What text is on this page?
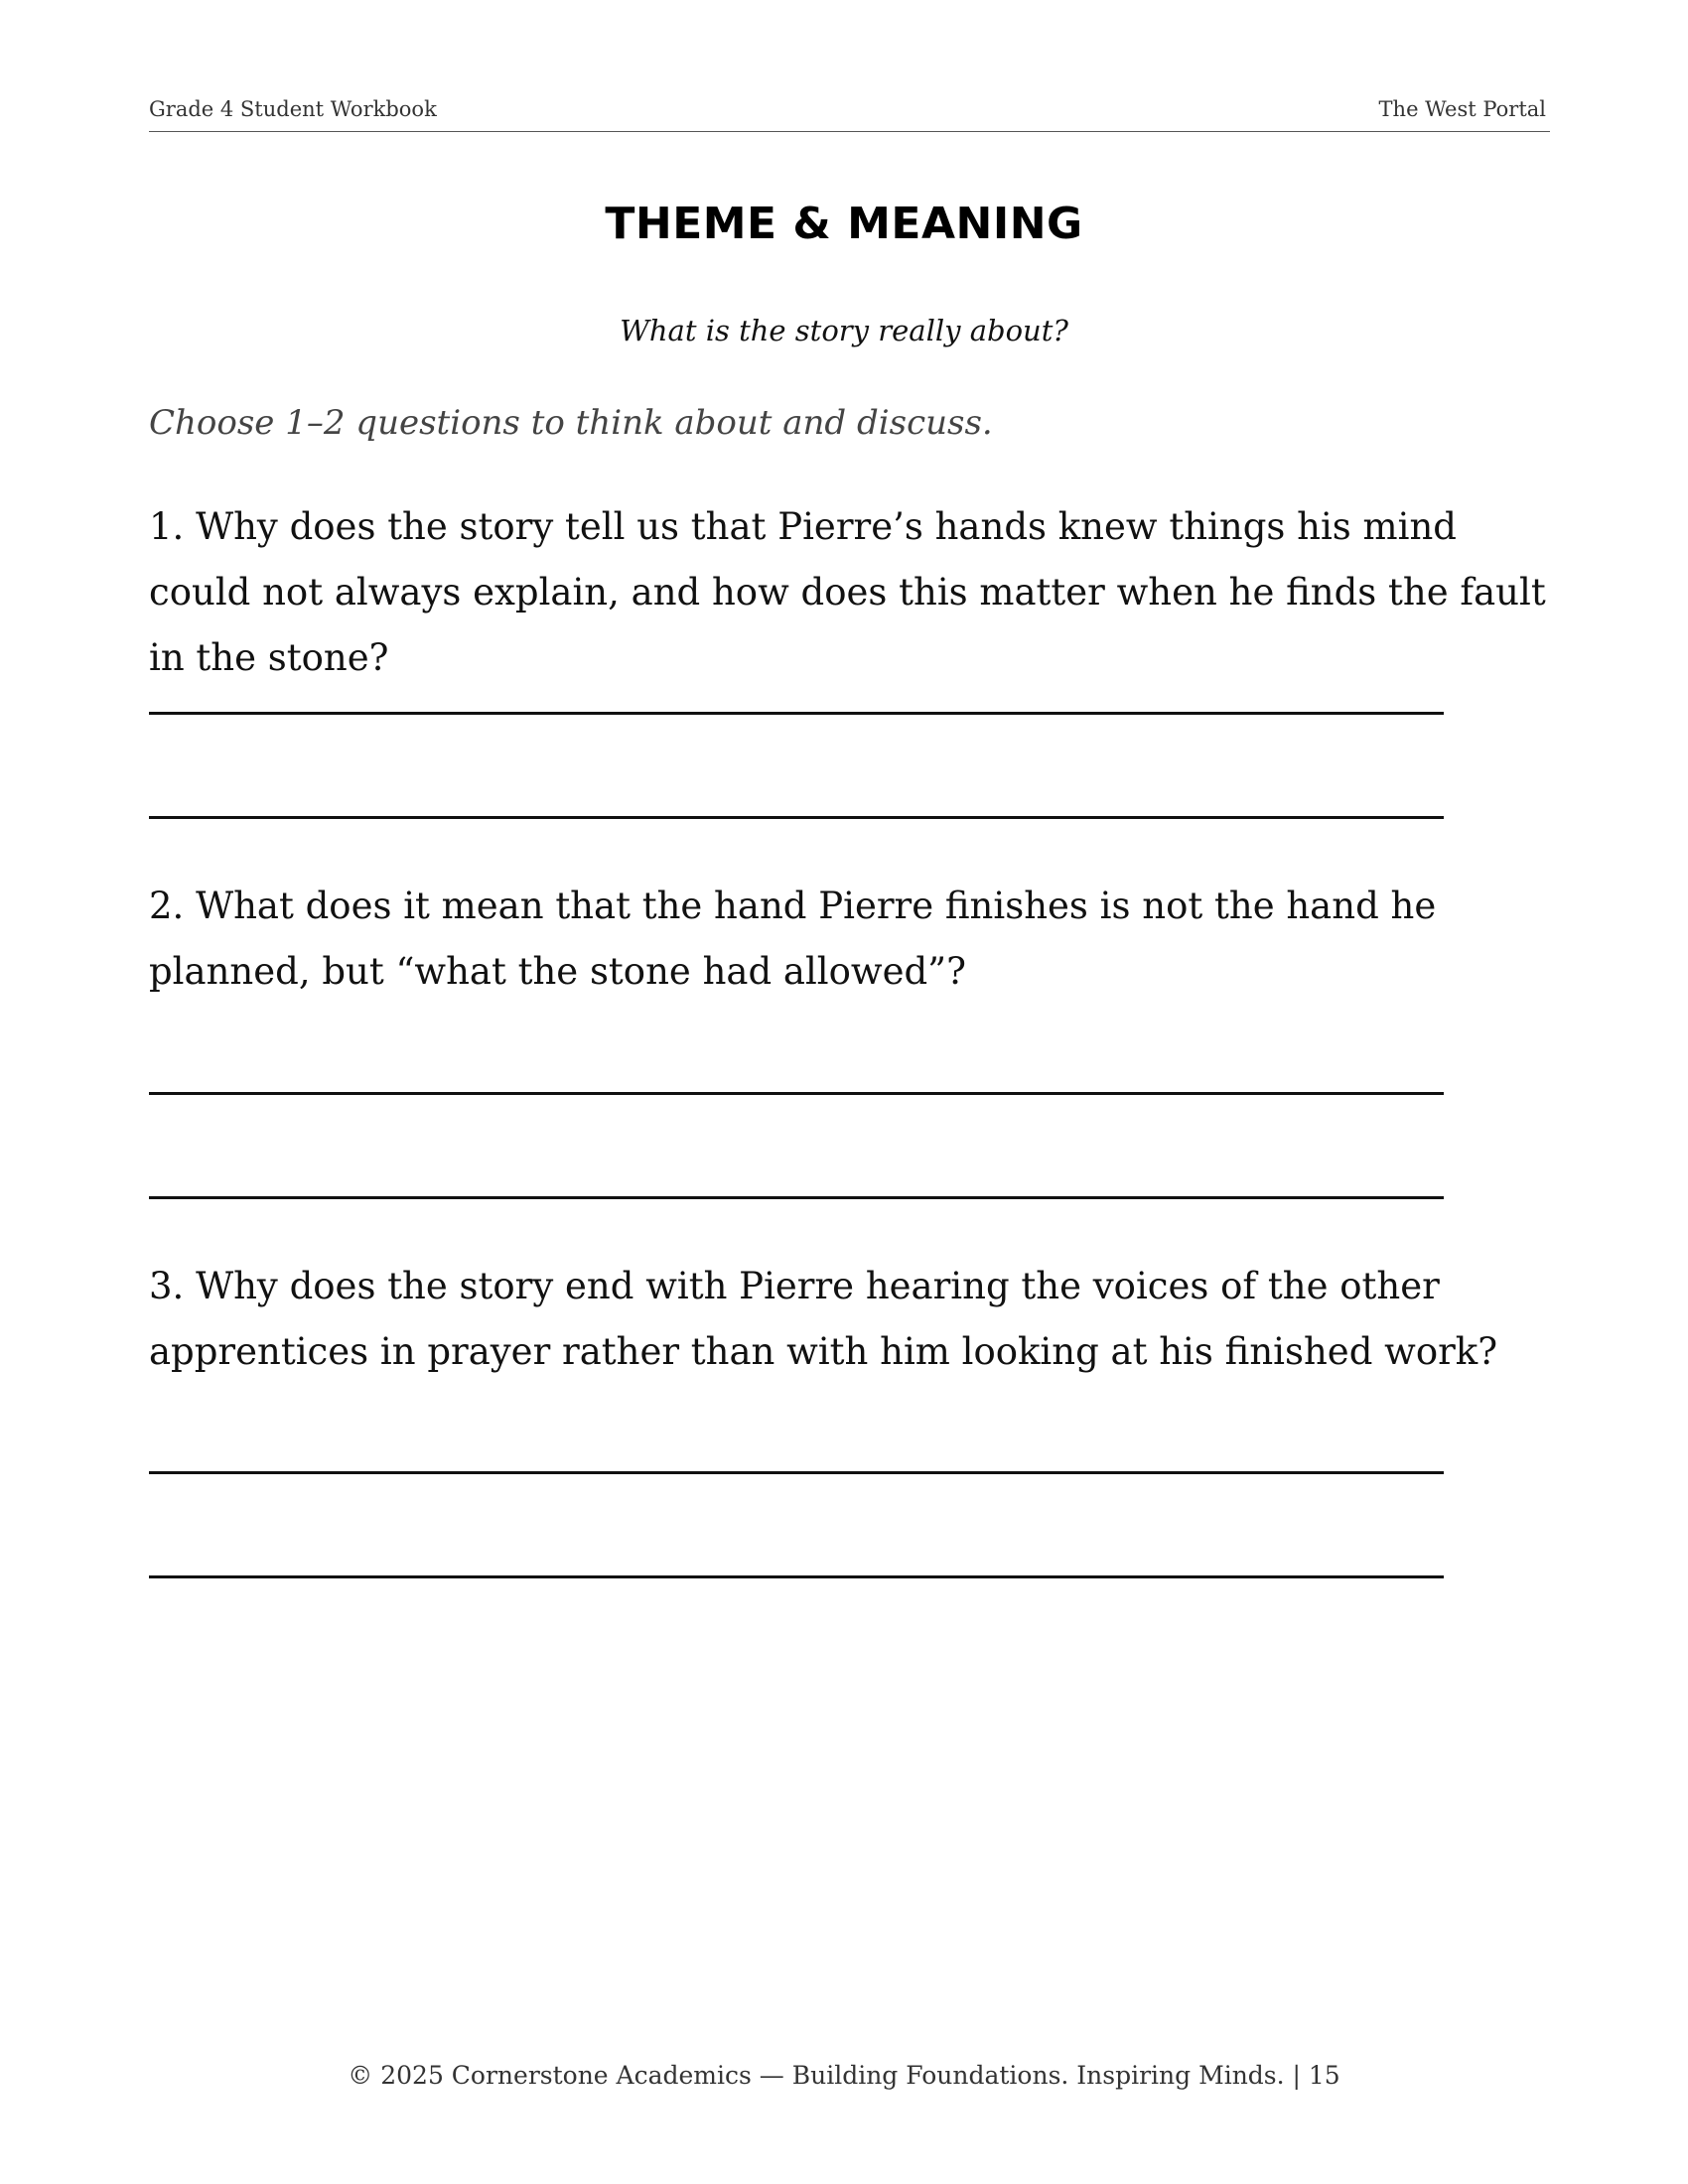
Grade 4 Student Workbook	The West Portal
THEME & MEANING
What is the story really about?
Choose 1–2 questions to think about and discuss.
1. Why does the story tell us that Pierre’s hands knew things his mind could not always explain, and how does this matter when he finds the fault in the stone?
2. What does it mean that the hand Pierre finishes is not the hand he planned, but “what the stone had allowed”?
3. Why does the story end with Pierre hearing the voices of the other apprentices in prayer rather than with him looking at his finished work?
© 2025 Cornerstone Academics — Building Foundations. Inspiring Minds. | 15
